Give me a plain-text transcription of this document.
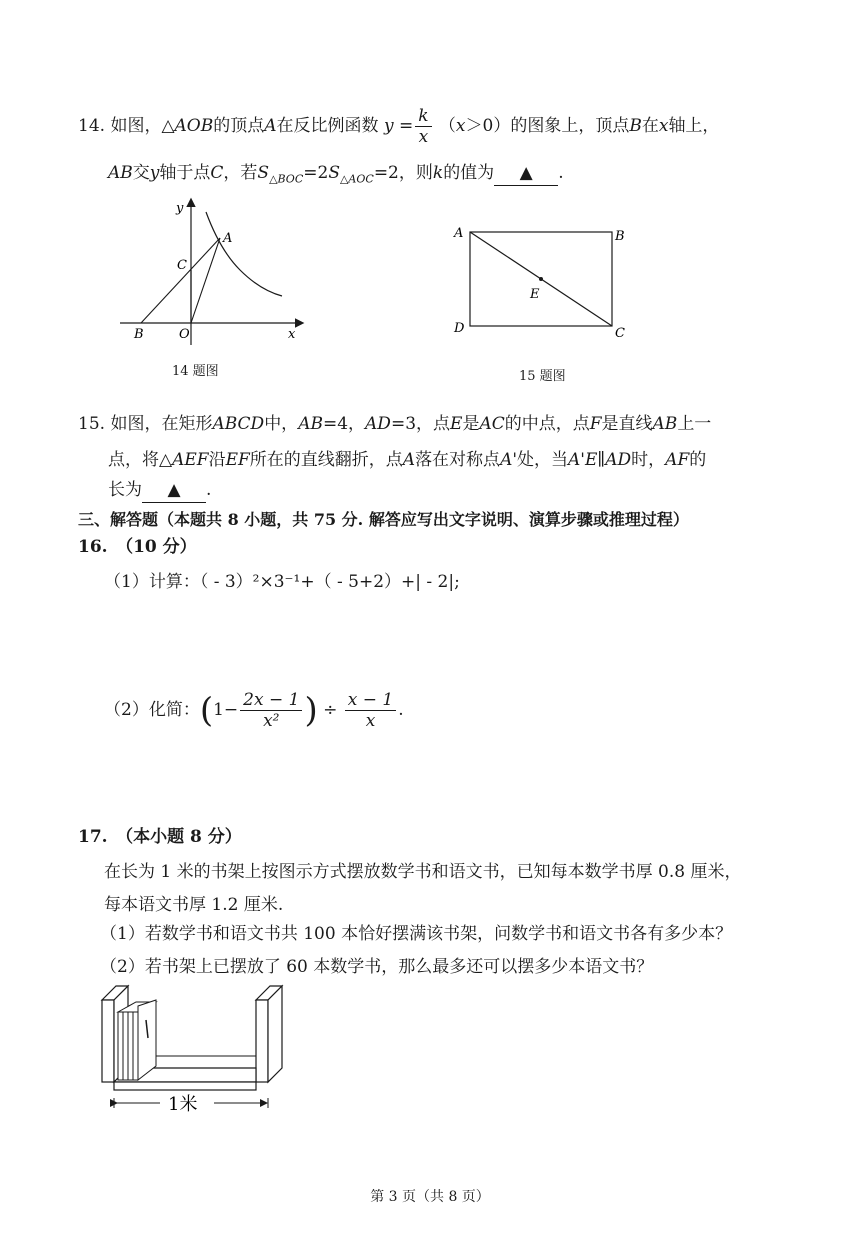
14. 如图，△AOB的顶点A在反比例函数 $y = \frac{k}{x} (x>0)$的图象上，顶点B在x轴上，
AB交y轴于点C，若$S_{\triangle BOC}=2S_{\triangle AOC}=2$，则k的值为 ▲ .
y
A
C
B	O	x
14 题图
A	B
C
D
E
15 题图
15. 如图，在矩形ABCD中，AB=4，AD=3，点E是AC的中点，点F是直线AB上一
点，将△AEF沿EF所在的直线翻折，点A落在对称点A'处，当A'E∥AD时，AF的
长为 ▲ .
三、解答题（本题共 8 小题，共 75 分. 解答应写出文字说明、演算步骤或推理过程）
16.　（10 分）
（1）计算：（ - 3）²×3⁻¹+（ - 5+2）+| - 2|;
（2）化简：($1- \frac{2x - 1}{\text{x²}}$ ) ÷ $\frac{x - 1}{x}$ .
17.　（本小题 8 分）
在长为 1 米的书架上按图示方式摆放数学书和语文书，已知每本数学书厚 0.8 厘米，
每本语文书厚 1.2 厘米.
（1）若数学书和语文书共 100 本恰好摆满该书架，问数学书和语文书各有多少本？
（2）若书架上已摆放了 60 本数学书，那么最多还可以摆多少本语文书？
1米
第 3 页（共 8 页）
